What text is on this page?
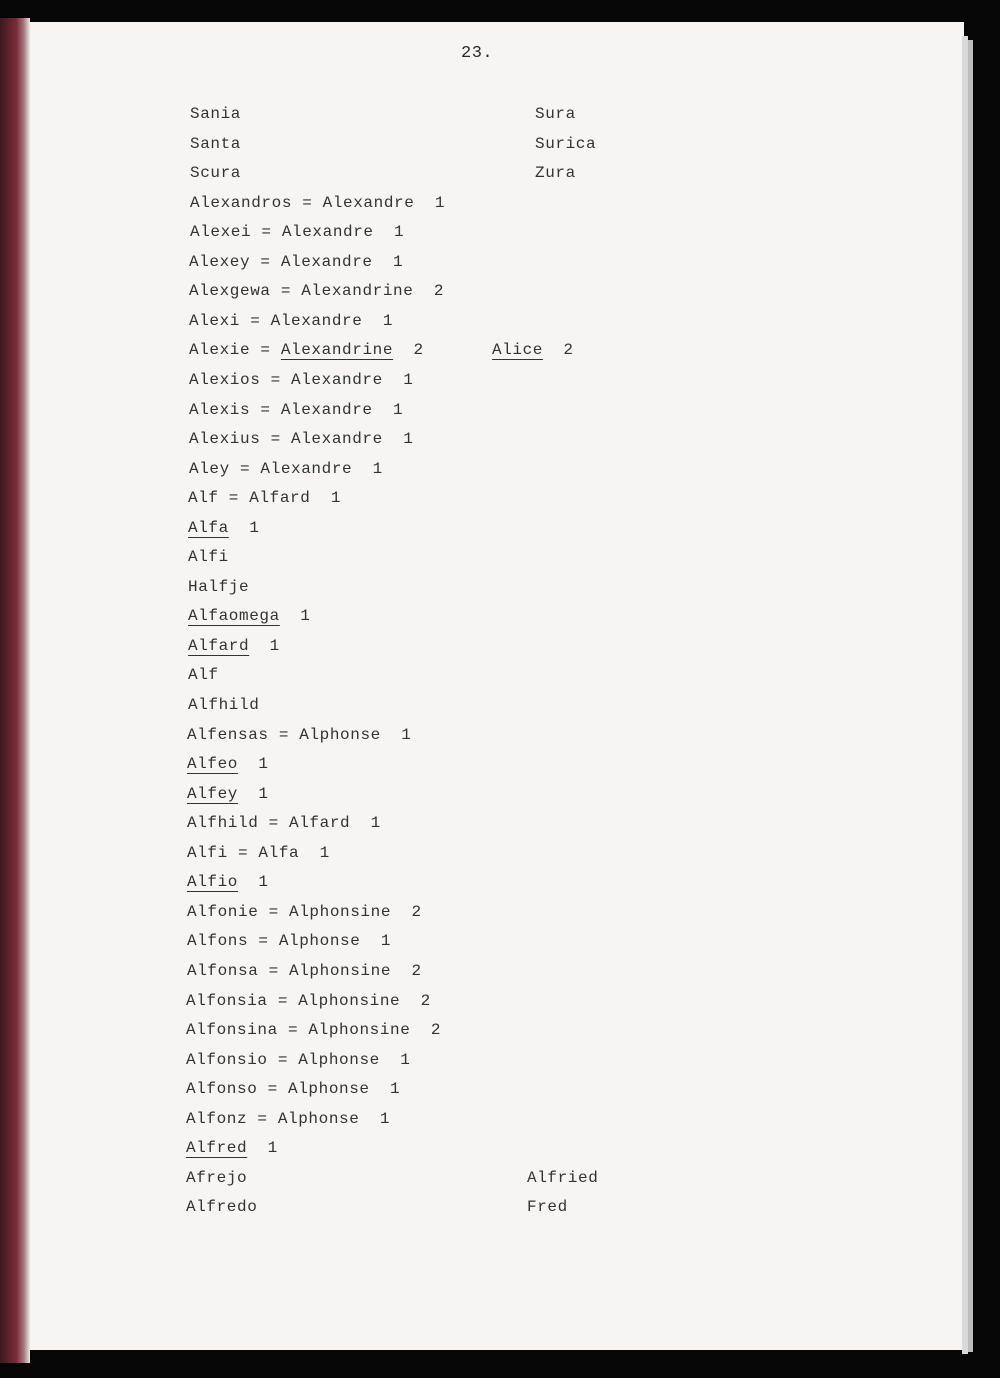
23.
Sania
Santa
Scura
Alexandros = Alexandre  1
Alexei = Alexandre  1
Alexey = Alexandre  1
Alexgewa = Alexandrine  2
Alexi = Alexandre  1
Alexie = Alexandrine  2
Alexios = Alexandre  1
Alexis = Alexandre  1
Alexius = Alexandre  1
Aley = Alexandre  1
Alf = Alfard  1
Alfa  1
Alfi
Halfje
Alfaomega  1
Alfard  1
Alf
Alfhild
Alfensas = Alphonse  1
Alfeo  1
Alfey  1
Alfhild = Alfard  1
Alfi = Alfa  1
Alfio  1
Alfonie = Alphonsine  2
Alfons = Alphonse  1
Alfonsa = Alphonsine  2
Alfonsia = Alphonsine  2
Alfonsina = Alphonsine  2
Alfonsio = Alphonse  1
Alfonso = Alphonse  1
Alfonz = Alphonse  1
Alfred  1
Afrejo
Alfredo
Sura
Surica
Zura
Alice  2
Alfried
Fred
